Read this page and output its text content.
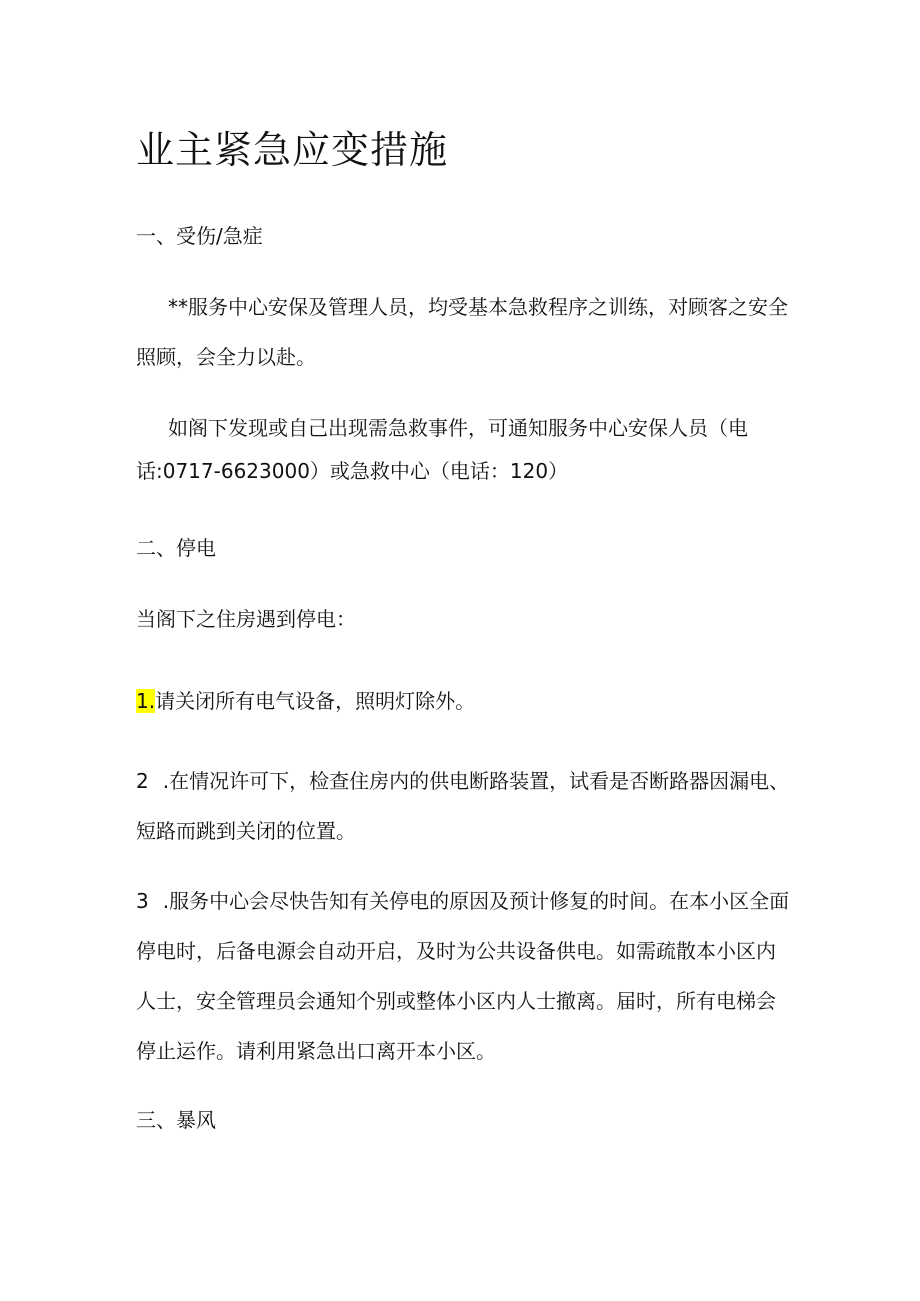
业主紧急应变措施
一、受伤/急症

**服务中心安保及管理人员，均受基本急救程序之训练，对顾客之安全

照顾，会全力以赴。

如阁下发现或自己出现需急救事件，可通知服务中心安保人员（电

话:0717-6623000）或急救中心（电话：120）

二、停电

当阁下之住房遇到停电：

1.请关闭所有电气设备，照明灯除外。

2 .在情况许可下，检查住房内的供电断路装置，试看是否断路器因漏电、

短路而跳到关闭的位置。

3 .服务中心会尽快告知有关停电的原因及预计修复的时间。在本小区全面

停电时，后备电源会自动开启，及时为公共设备供电。如需疏散本小区内

人士，安全管理员会通知个别或整体小区内人士撤离。届时，所有电梯会

停止运作。请利用紧急出口离开本小区。

三、暴风
